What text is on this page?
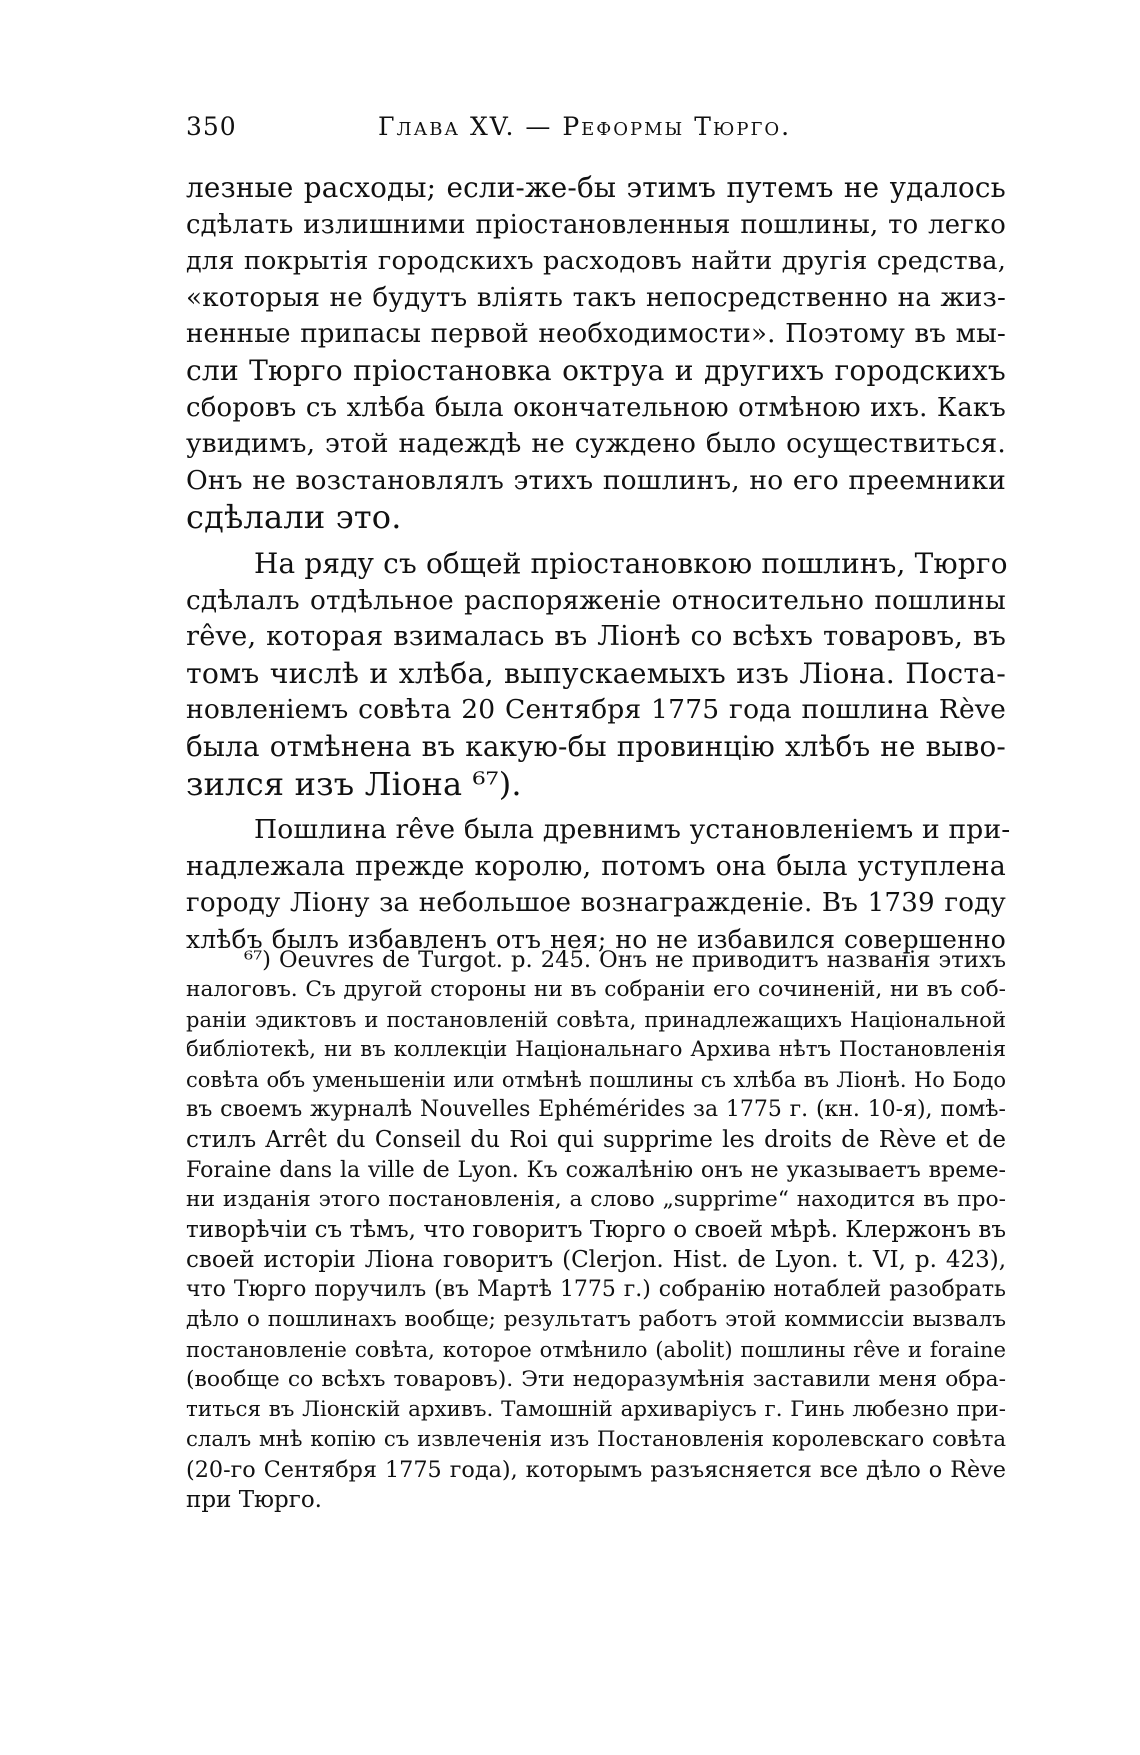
350	Глава XV. — Реформы Тюрго.
лезные расходы; если-же-бы этимъ путемъ не удалось
сдѣлать излишними пріостановленныя пошлины, то легко
для покрытія городскихъ расходовъ найти другія средства,
«которыя не будутъ вліять такъ непосредственно на жиз-
ненные припасы первой необходимости». Поэтому въ мы-
сли Тюрго пріостановка октруа и другихъ городскихъ
сборовъ съ хлѣба была окончательною отмѣною ихъ. Какъ
увидимъ, этой надеждѣ не суждено было осуществиться.
Онъ не возстановлялъ этихъ пошлинъ, но его преемники
сдѣлали это.
На ряду съ общей пріостановкою пошлинъ, Тюрго
сдѣлалъ отдѣльное распоряженіе относительно пошлины
rêve, которая взималась въ Ліонѣ со всѣхъ товаровъ, въ
томъ числѣ и хлѣба, выпускаемыхъ изъ Ліона. Поста-
новленіемъ совѣта 20 Сентября 1775 года пошлина Rève
была отмѣнена въ какую-бы провинцію хлѣбъ не выво-
зился изъ Ліона ⁶⁷).
Пошлина rêve была древнимъ установленіемъ и при-
надлежала прежде королю, потомъ она была уступлена
городу Ліону за небольшое вознагражденіе. Въ 1739 году
хлѣбъ былъ избавленъ отъ нея; но не избавился совершенно
⁶⁷) Oeuvres de Turgot. p. 245. Онъ не приводитъ названія этихъ
налоговъ. Съ другой стороны ни въ собраніи его сочиненій, ни въ соб-
раніи эдиктовъ и постановленій совѣта, принадлежащихъ Національной
библіотекѣ, ни въ коллекціи Національнаго Архива нѣтъ Постановленія
совѣта объ уменьшеніи или отмѣнѣ пошлины съ хлѣба въ Ліонѣ. Но Бодо
въ своемъ журналѣ Nouvelles Ephémérides за 1775 г. (кн. 10-я), помѣ-
стилъ Arrêt du Conseil du Roi qui supprime les droits de Rève et de
Foraine dans la ville de Lyon. Къ сожалѣнію онъ не указываетъ време-
ни изданія этого постановленія, а слово „supprime“ находится въ про-
тиворѣчіи съ тѣмъ, что говоритъ Тюрго о своей мѣрѣ. Клержонъ въ
своей исторіи Ліона говоритъ (Clerjon. Hist. de Lyon. t. VI, p. 423),
что Тюрго поручилъ (въ Мартѣ 1775 г.) собранію нотаблей разобрать
дѣло о пошлинахъ вообще; результатъ работъ этой коммиссіи вызвалъ
постановленіе совѣта, которое отмѣнило (abolit) пошлины rêve и foraine
(вообще со всѣхъ товаровъ). Эти недоразумѣнія заставили меня обра-
титься въ Ліонскій архивъ. Тамошній архиваріусъ г. Гинь любезно при-
слалъ мнѣ копію съ извлеченія изъ Постановленія королевскаго совѣта
(20-го Сентября 1775 года), которымъ разъясняется все дѣло о Rève
при Тюрго.
